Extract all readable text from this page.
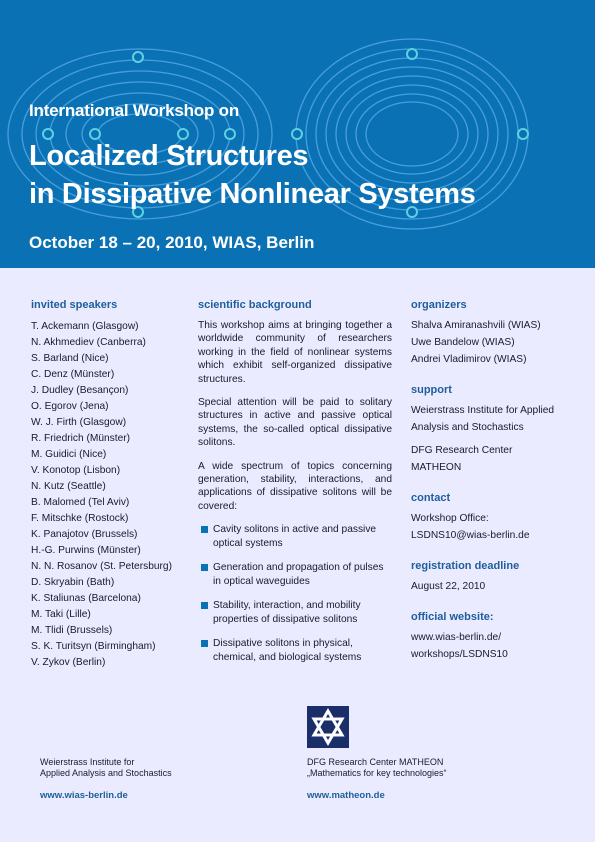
International Workshop on
Localized Structures
in Dissipative Nonlinear Systems
October 18 – 20, 2010, WIAS, Berlin
invited speakers
T. Ackemann (Glasgow)
N. Akhmediev (Canberra)
S. Barland (Nice)
C. Denz (Münster)
J. Dudley (Besançon)
O. Egorov (Jena)
W. J. Firth (Glasgow)
R. Friedrich (Münster)
M. Guidici (Nice)
V. Konotop (Lisbon)
N. Kutz (Seattle)
B. Malomed (Tel Aviv)
F. Mitschke (Rostock)
K. Panajotov (Brussels)
H.-G. Purwins (Münster)
N. N. Rosanov (St. Petersburg)
D. Skryabin (Bath)
K. Staliunas (Barcelona)
M. Taki (Lille)
M. Tlidi (Brussels)
S. K. Turitsyn (Birmingham)
V. Zykov (Berlin)
scientific background

This workshop aims at bringing together a worldwide community of researchers working in the field of nonlinear systems which exhibit self-organized dissipative structures.

Special attention will be paid to solitary structures in active and passive optical systems, the so-called optical dissipative solitons.

A wide spectrum of topics concerning generation, stability, interactions, and applications of dissipative solitons will be covered:

Cavity solitons in active and passive optical systems
Generation and propagation of pulses in optical waveguides
Stability, interaction, and mobility properties of dissipative solitons
Dissipative solitons in physical, chemical, and biological systems
organizers
Shalva Amiranashvili (WIAS)
Uwe Bandelow (WIAS)
Andrei Vladimirov (WIAS)
support
Weierstrass Institute for Applied
Analysis and Stochastics
DFG Research Center
MATHEON
contact
Workshop Office:
LSDNS10@wias-berlin.de
registration deadline
August 22, 2010
official website:
www.wias-berlin.de/
workshops/LSDNS10
Weierstrass Institute for
Applied Analysis and Stochastics
www.wias-berlin.de
DFG Research Center MATHEON
„Mathematics for key technologies“
www.matheon.de
